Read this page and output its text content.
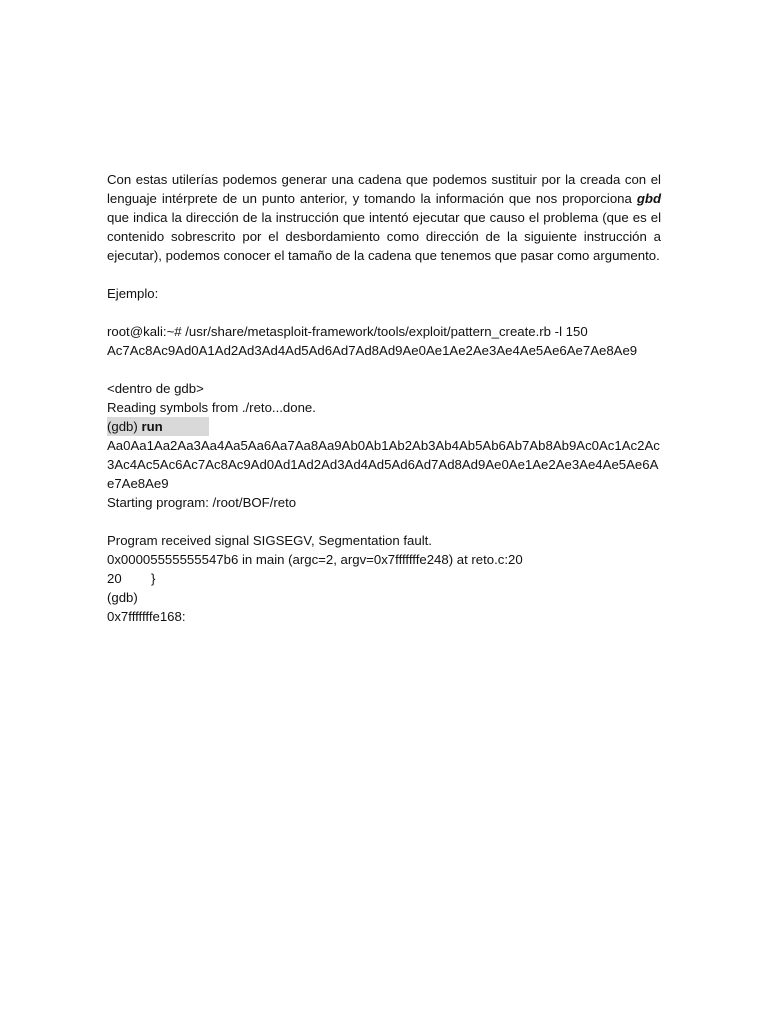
Con estas utilerías podemos generar una cadena que podemos sustituir por la creada con el lenguaje intérprete de un punto anterior, y tomando la información que nos proporciona gbd que indica la dirección de la instrucción que intentó ejecutar que causo el problema (que es el contenido sobrescrito por el desbordamiento como dirección de la siguiente instrucción a ejecutar), podemos conocer el tamaño de la cadena que tenemos que pasar como argumento.

Ejemplo:

root@kali:~# /usr/share/metasploit-framework/tools/exploit/pattern_create.rb -l 150

Ac7Ac8Ac9Ad0A1Ad2Ad3Ad4Ad5Ad6Ad7Ad8Ad9Ae0Ae1Ae2Ae3Ae4Ae5Ae6Ae7Ae8Ae9

<dentro de gdb>

Reading symbols from ./reto...done.

(gdb) run

Aa0Aa1Aa2Aa3Aa4Aa5Aa6Aa7Aa8Aa9Ab0Ab1Ab2Ab3Ab4Ab5Ab6Ab7Ab8Ab9Ac0Ac1Ac2Ac3Ac4Ac5Ac6Ac7Ac8Ac9Ad0Ad1Ad2Ad3Ad4Ad5Ad6Ad7Ad8Ad9Ae0Ae1Ae2Ae3Ae4Ae5Ae6Ae7Ae8Ae9

Starting program: /root/BOF/reto

Program received signal SIGSEGV, Segmentation fault.

0x00005555555547b6 in main (argc=2, argv=0x7fffffffe248) at reto.c:20

20 }

(gdb)

0x7fffffffe168:
